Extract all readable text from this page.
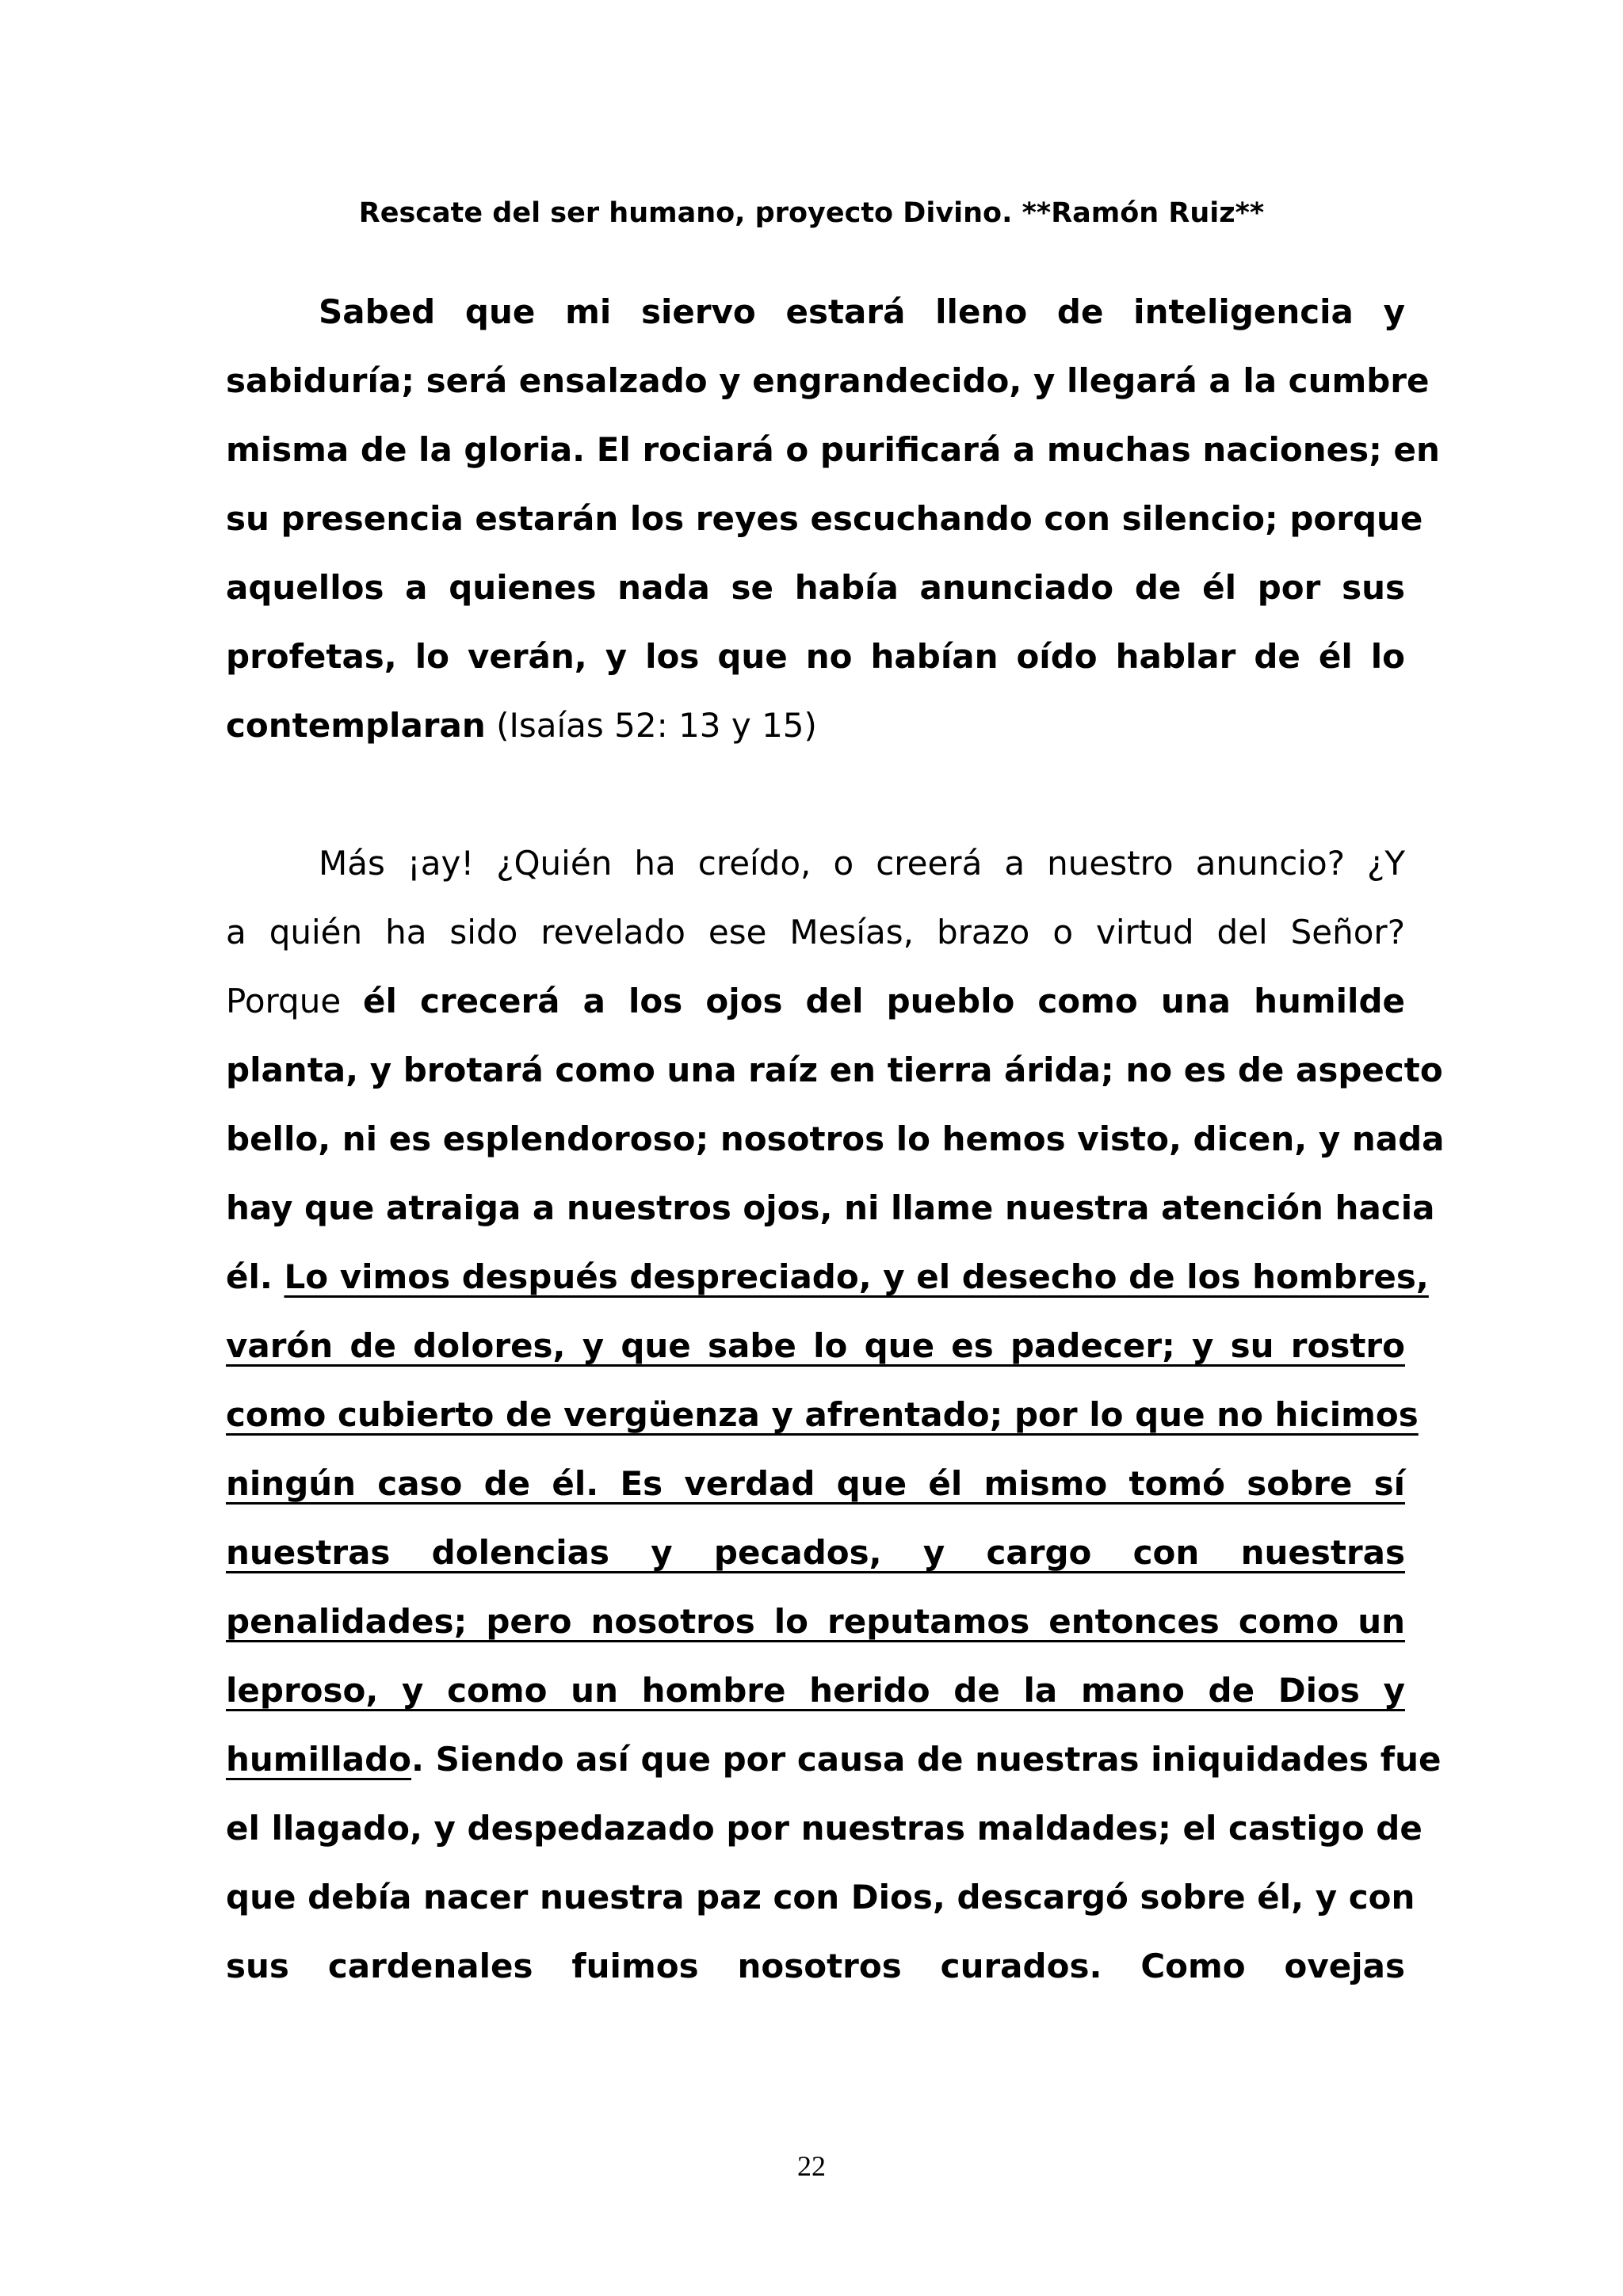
Rescate del ser humano, proyecto Divino. **Ramón Ruiz**
Sabed que mi siervo estará lleno de inteligencia y
sabiduría; será ensalzado y engrandecido, y llegará a la cumbre
misma de la gloria. El rociará o purificará a muchas naciones; en
su presencia estarán los reyes escuchando con silencio; porque
aquellos a quienes nada se había anunciado de él por sus
profetas, lo verán, y los que no habían oído hablar de él lo
contemplaran (Isaías 52: 13 y 15)
Más ¡ay! ¿Quién ha creído, o creerá a nuestro anuncio? ¿Y
a quién ha sido revelado ese Mesías, brazo o virtud del Señor?
Porque él crecerá a los ojos del pueblo como una humilde
planta, y brotará como una raíz en tierra árida; no es de aspecto
bello, ni es esplendoroso; nosotros lo hemos visto, dicen, y nada
hay que atraiga a nuestros ojos, ni llame nuestra atención hacia
él. Lo vimos después despreciado, y el desecho de los hombres,
varón de dolores, y que sabe lo que es padecer; y su rostro
como cubierto de vergüenza y afrentado; por lo que no hicimos
ningún caso de él. Es verdad que él mismo tomó sobre sí
nuestras dolencias y pecados, y cargo con nuestras
penalidades; pero nosotros lo reputamos entonces como un
leproso, y como un hombre herido de la mano de Dios y
humillado. Siendo así que por causa de nuestras iniquidades fue
el llagado, y despedazado por nuestras maldades; el castigo de
que debía nacer nuestra paz con Dios, descargó sobre él, y con
sus cardenales fuimos nosotros curados. Como ovejas
22
